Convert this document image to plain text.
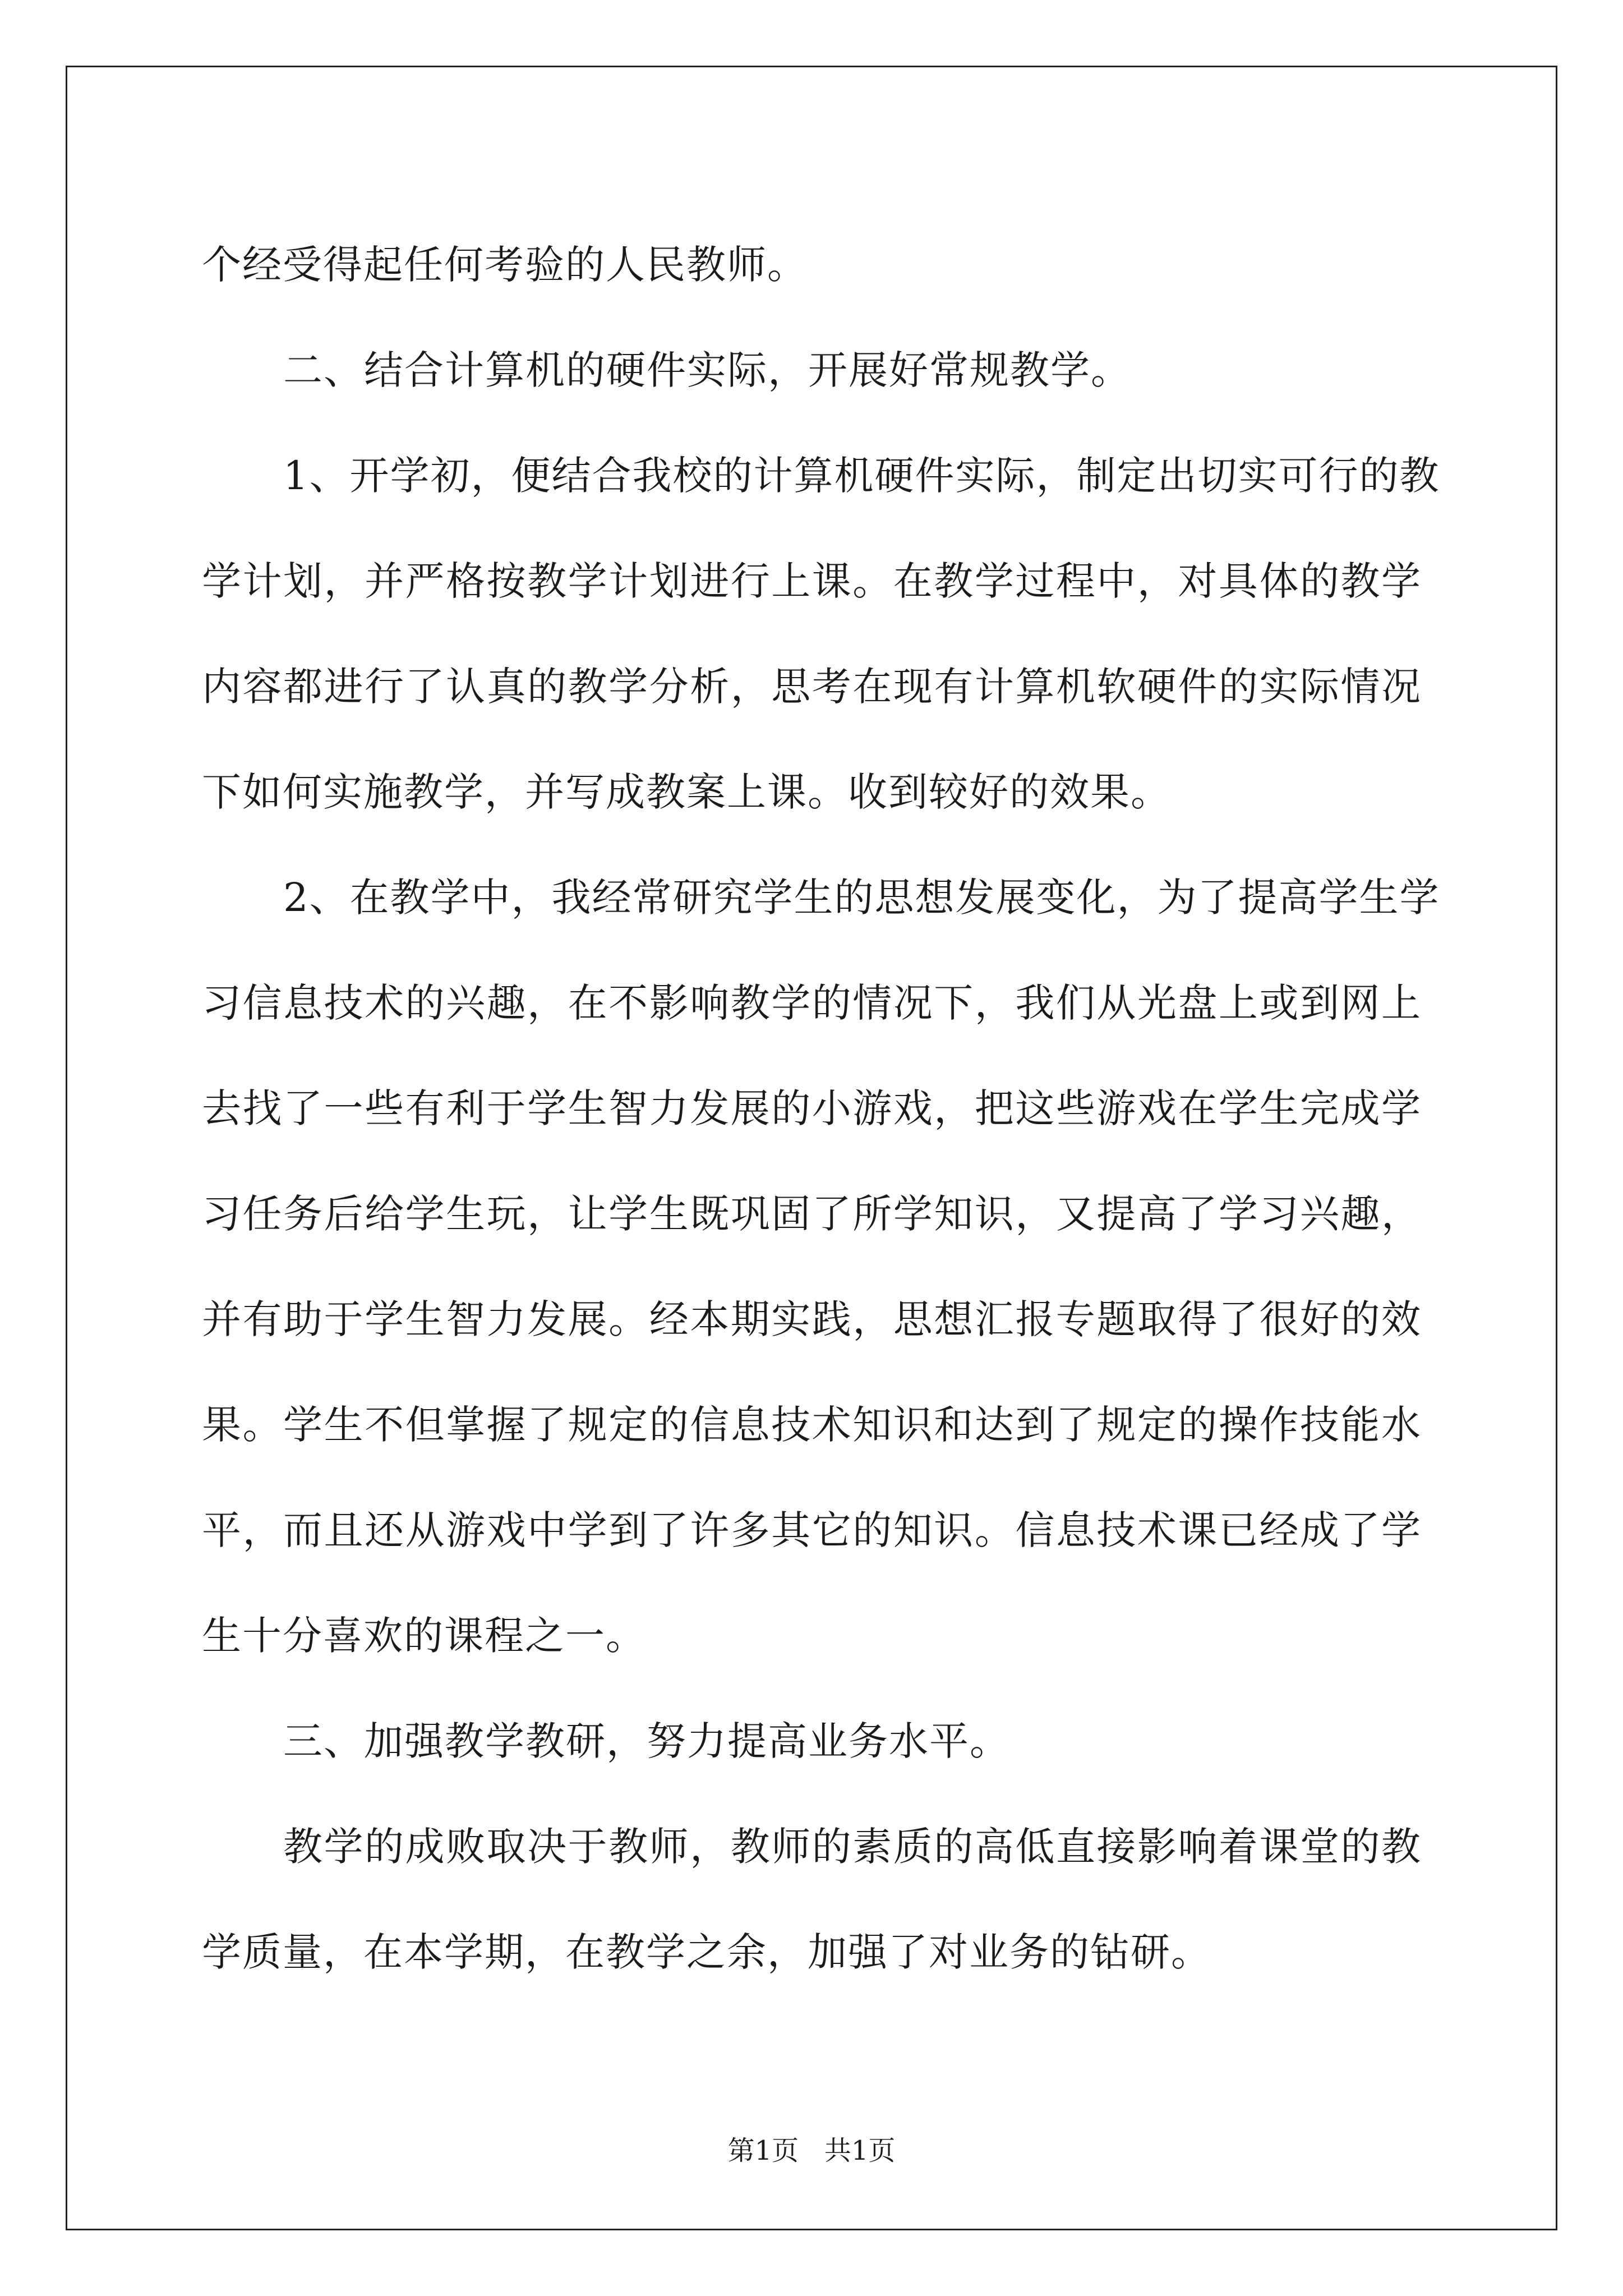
个经受得起任何考验的人民教师。
二、结合计算机的硬件实际，开展好常规教学。
1、开学初，便结合我校的计算机硬件实际，制定出切实可行的教
学计划，并严格按教学计划进行上课。在教学过程中，对具体的教学
内容都进行了认真的教学分析，思考在现有计算机软硬件的实际情况
下如何实施教学，并写成教案上课。收到较好的效果。
2、在教学中，我经常研究学生的思想发展变化，为了提高学生学
习信息技术的兴趣，在不影响教学的情况下，我们从光盘上或到网上
去找了一些有利于学生智力发展的小游戏，把这些游戏在学生完成学
习任务后给学生玩，让学生既巩固了所学知识，又提高了学习兴趣，
并有助于学生智力发展。经本期实践，思想汇报专题取得了很好的效
果。学生不但掌握了规定的信息技术知识和达到了规定的操作技能水
平，而且还从游戏中学到了许多其它的知识。信息技术课已经成了学
生十分喜欢的课程之一。
三、加强教学教研，努力提高业务水平。
教学的成败取决于教师，教师的素质的高低直接影响着课堂的教
学质量，在本学期，在教学之余，加强了对业务的钻研。
第1页   共1页
